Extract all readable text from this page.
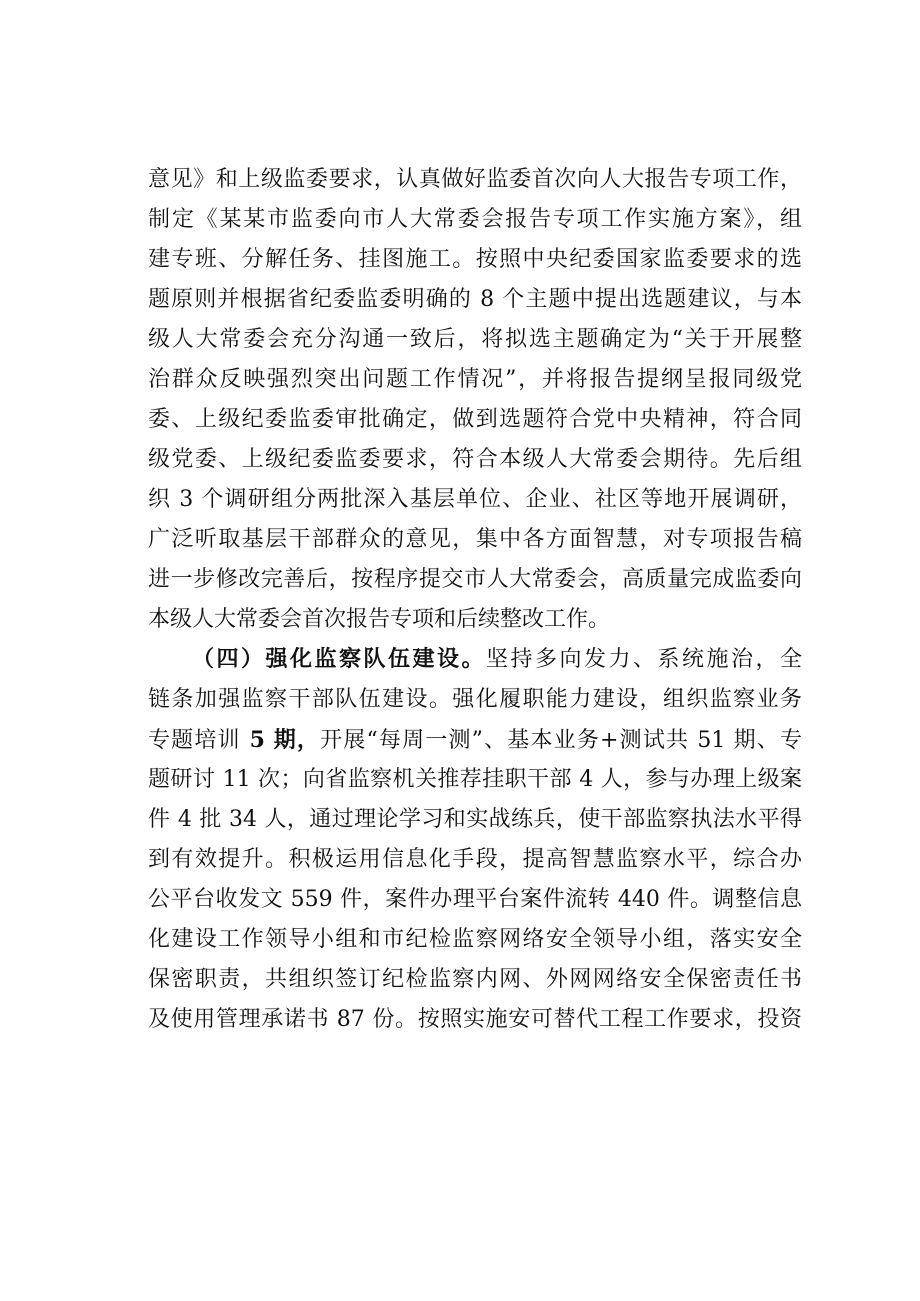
意见》和上级监委要求，认真做好监委首次向人大报告专项工作，
制定《某某市监委向市人大常委会报告专项工作实施方案》，组
建专班、分解任务、挂图施工。按照中央纪委国家监委要求的选
题原则并根据省纪委监委明确的 8 个主题中提出选题建议，与本
级人大常委会充分沟通一致后，将拟选主题确定为“关于开展整
治群众反映强烈突出问题工作情况”，并将报告提纲呈报同级党
委、上级纪委监委审批确定，做到选题符合党中央精神，符合同
级党委、上级纪委监委要求，符合本级人大常委会期待。先后组
织 3 个调研组分两批深入基层单位、企业、社区等地开展调研，
广泛听取基层干部群众的意见，集中各方面智慧，对专项报告稿
进一步修改完善后，按程序提交市人大常委会，高质量完成监委向
本级人大常委会首次报告专项和后续整改工作。
（四）强化监察队伍建设。坚持多向发力、系统施治，全
链条加强监察干部队伍建设。强化履职能力建设，组织监察业务
专题培训 5 期，开展“每周一测”、基本业务+测试共 51 期、专
题研讨 11 次；向省监察机关推荐挂职干部 4 人，参与办理上级案
件 4 批 34 人，通过理论学习和实战练兵，使干部监察执法水平得
到有效提升。积极运用信息化手段，提高智慧监察水平，综合办
公平台收发文 559 件，案件办理平台案件流转 440 件。调整信息
化建设工作领导小组和市纪检监察网络安全领导小组，落实安全
保密职责，共组织签订纪检监察内网、外网网络安全保密责任书
及使用管理承诺书 87 份。按照实施安可替代工程工作要求，投资
